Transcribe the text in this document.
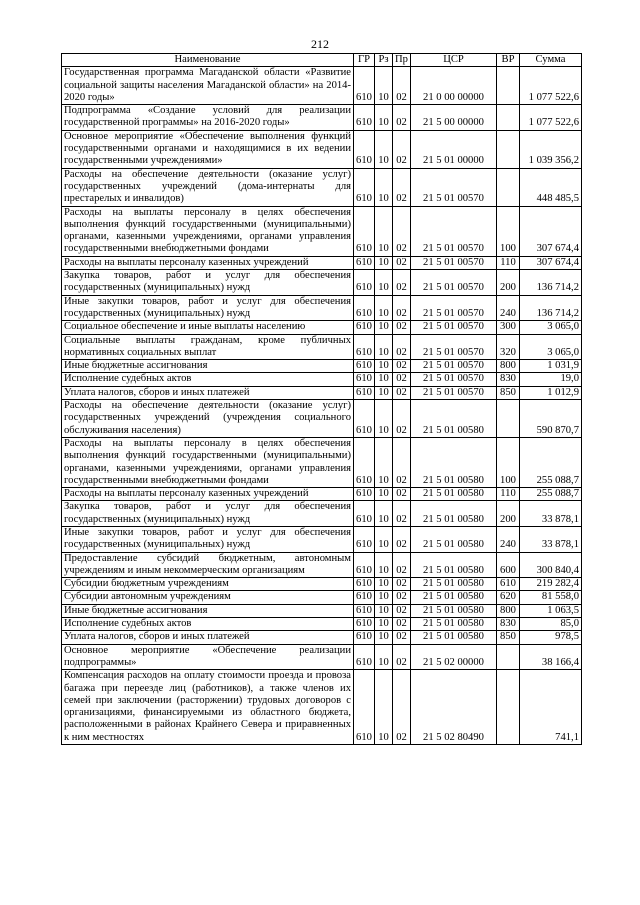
212
Наименование	ГР	Рз	Пр	ЦСР	ВР	Сумма
Государственная программа Магаданской области «Развитие социальной защиты населения Магаданской области» на 2014-2020 годы»	610	10	02	21 0 00 00000		1 077 522,6
Подпрограмма «Создание условий для реализации государственной программы» на 2016-2020 годы»	610	10	02	21 5 00 00000		1 077 522,6
Основное мероприятие «Обеспечение выполнения функций государственными органами и находящимися в их ведении государственными учреждениями»	610	10	02	21 5 01 00000		1 039 356,2
Расходы на обеспечение деятельности (оказание услуг) государственных учреждений (дома-интернаты для престарелых и инвалидов)	610	10	02	21 5 01 00570		448 485,5
Расходы на выплаты персоналу в целях обеспечения выполнения функций государственными (муниципальными) органами, казенными учреждениями, органами управления государственными внебюджетными фондами	610	10	02	21 5 01 00570	100	307 674,4
Расходы на выплаты персоналу казенных учреждений	610	10	02	21 5 01 00570	110	307 674,4
Закупка товаров, работ и услуг для обеспечения государственных (муниципальных) нужд	610	10	02	21 5 01 00570	200	136 714,2
Иные закупки товаров, работ и услуг для обеспечения государственных (муниципальных) нужд	610	10	02	21 5 01 00570	240	136 714,2
Социальное обеспечение и иные выплаты населению	610	10	02	21 5 01 00570	300	3 065,0
Социальные выплаты гражданам, кроме публичных нормативных социальных выплат	610	10	02	21 5 01 00570	320	3 065,0
Иные бюджетные ассигнования	610	10	02	21 5 01 00570	800	1 031,9
Исполнение судебных актов	610	10	02	21 5 01 00570	830	19,0
Уплата налогов, сборов и иных платежей	610	10	02	21 5 01 00570	850	1 012,9
Расходы на обеспечение деятельности (оказание услуг) государственных учреждений (учреждения социального обслуживания населения)	610	10	02	21 5 01 00580		590 870,7
Расходы на выплаты персоналу в целях обеспечения выполнения функций государственными (муниципальными) органами, казенными учреждениями, органами управления государственными внебюджетными фондами	610	10	02	21 5 01 00580	100	255 088,7
Расходы на выплаты персоналу казенных учреждений	610	10	02	21 5 01 00580	110	255 088,7
Закупка товаров, работ и услуг для обеспечения государственных (муниципальных) нужд	610	10	02	21 5 01 00580	200	33 878,1
Иные закупки товаров, работ и услуг для обеспечения государственных (муниципальных) нужд	610	10	02	21 5 01 00580	240	33 878,1
Предоставление субсидий бюджетным, автономным учреждениям и иным некоммерческим организациям	610	10	02	21 5 01 00580	600	300 840,4
Субсидии бюджетным учреждениям	610	10	02	21 5 01 00580	610	219 282,4
Субсидии автономным учреждениям	610	10	02	21 5 01 00580	620	81 558,0
Иные бюджетные ассигнования	610	10	02	21 5 01 00580	800	1 063,5
Исполнение судебных актов	610	10	02	21 5 01 00580	830	85,0
Уплата налогов, сборов и иных платежей	610	10	02	21 5 01 00580	850	978,5
Основное мероприятие «Обеспечение реализации подпрограммы»	610	10	02	21 5 02 00000		38 166,4
Компенсация расходов на оплату стоимости проезда и провоза багажа при переезде лиц (работников), а также членов их семей при заключении (расторжении) трудовых договоров с организациями, финансируемыми из областного бюджета, расположенными в районах Крайнего Севера и приравненных к ним местностях	610	10	02	21 5 02 80490		741,1
